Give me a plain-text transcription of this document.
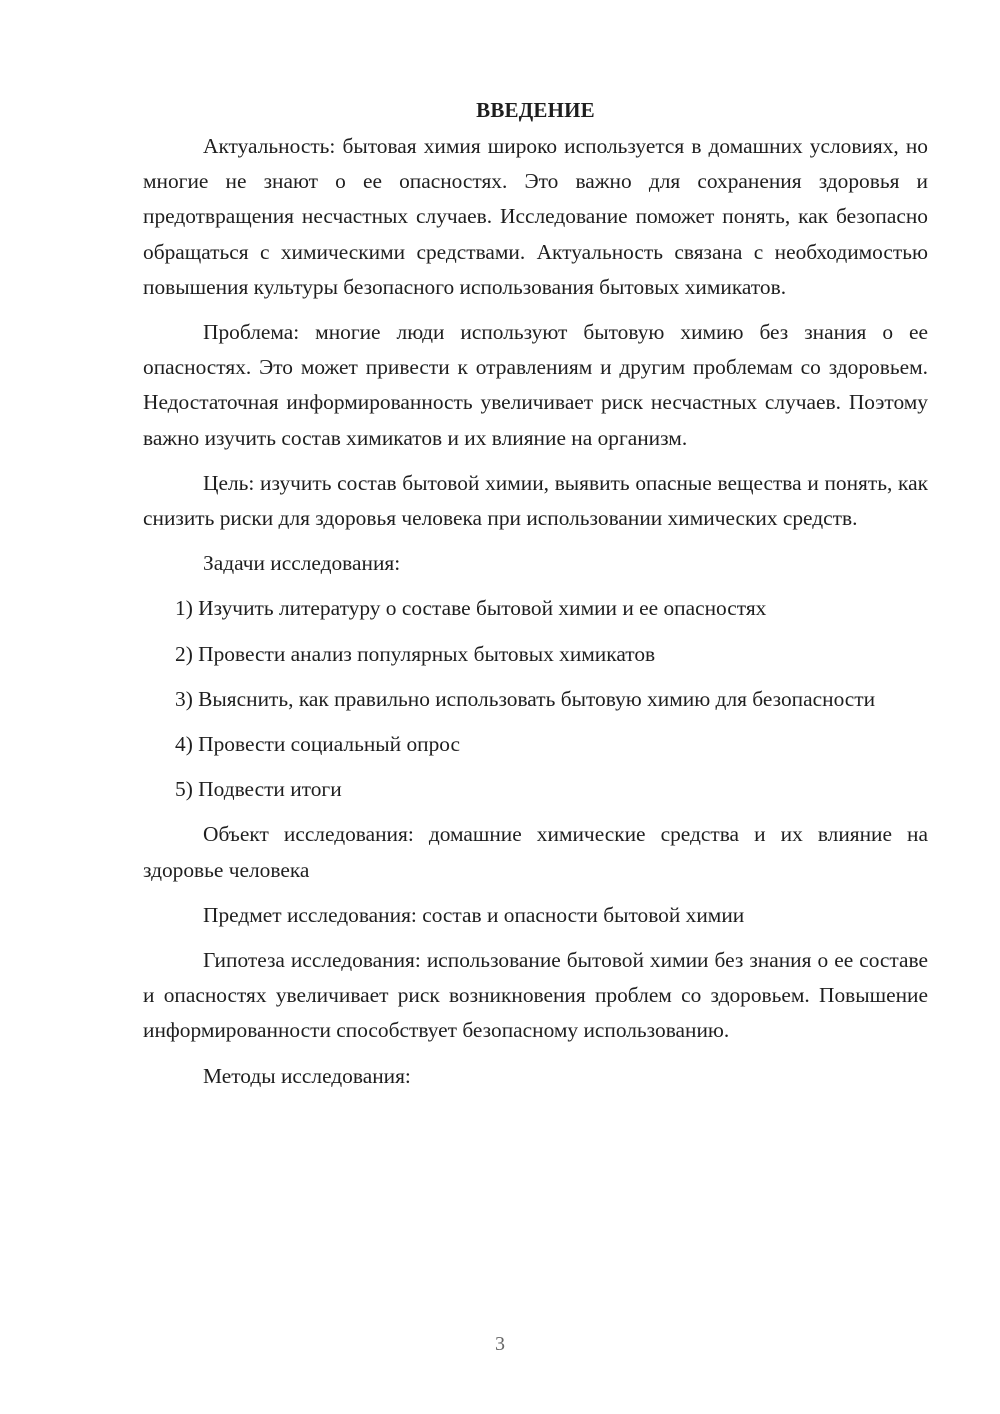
ВВЕДЕНИЕ

Актуальность: бытовая химия широко используется в домашних условиях, но многие не знают о ее опасностях. Это важно для сохранения здоровья и предотвращения несчастных случаев. Исследование поможет понять, как безопасно обращаться с химическими средствами. Актуальность связана с необходимостью повышения культуры безопасного использования бытовых химикатов.

Проблема: многие люди используют бытовую химию без знания о ее опасностях. Это может привести к отравлениям и другим проблемам со здоровьем. Недостаточная информированность увеличивает риск несчастных случаев. Поэтому важно изучить состав химикатов и их влияние на организм.

Цель: изучить состав бытовой химии, выявить опасные вещества и понять, как снизить риски для здоровья человека при использовании химических средств.

Задачи исследования:

1) Изучить литературу о составе бытовой химии и ее опасностях

2) Провести анализ популярных бытовых химикатов

3) Выяснить, как правильно использовать бытовую химию для безопасности

4) Провести социальный опрос

5) Подвести итоги

Объект исследования: домашние химические средства и их влияние на здоровье человека

Предмет исследования: состав и опасности бытовой химии

Гипотеза исследования: использование бытовой химии без знания о ее составе и опасностях увеличивает риск возникновения проблем со здоровьем. Повышение информированности способствует безопасному использованию.

Методы исследования:

3
